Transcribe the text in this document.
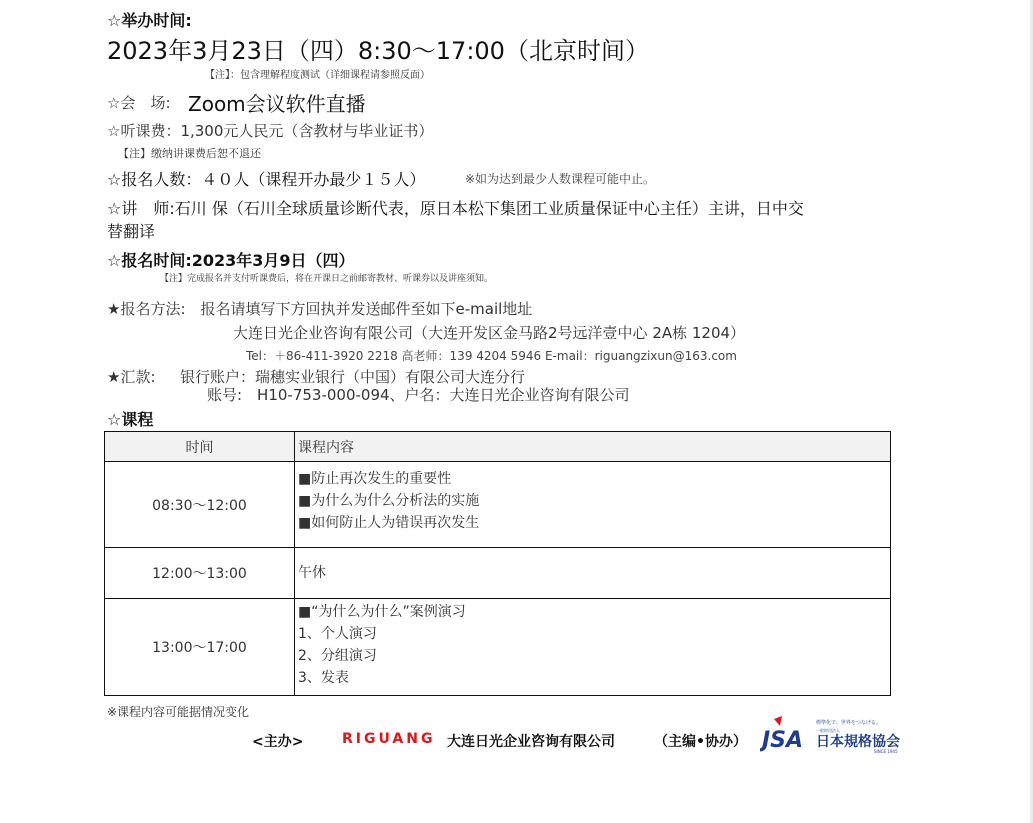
☆举办时间:
2023年3月23日（四）8:30～17:00（北京时间）
【注】：包含理解程度测试（详细课程请参照反面）
☆会　场: Zoom会议软件直播
☆听课费：1,300元人民元（含教材与毕业证书）
【注】缴纳讲课费后恕不退还
☆报名人数：４０人（课程开办最少１５人）	※如为达到最少人数课程可能中止。
☆讲　师:石川 保（石川全球质量诊断代表，原日本松下集团工业质量保证中心主任）主讲，日中交
替翻译
☆报名时间:2023年3月9日（四）
【注】完成报名并支付听课费后，将在开课日之前邮寄教材、听课券以及讲座须知。
★报名方法:　报名请填写下方回执并发送邮件至如下e-mail地址
大连日光企业咨询有限公司（大连开发区金马路2号远洋壹中心 2A栋 1204）
Tel：＋86-411-3920 2218 高老师：139 4204 5946 E-mail：riguangzixun@163.com
★汇款: 银行账户：瑞穗实业银行（中国）有限公司大连分行
账号:　H10-753-000-094、户名：大连日光企业咨询有限公司
☆课程
时间	课程内容
08:30～12:00	■防止再次发生的重要性
■为什么为什么分析法的实施
■如何防止人为错误再次发生

12:00～13:00	午休

13:00～17:00	■“为什么为什么”案例演习
1、个人演习
2、分组演习
3、发表
※课程内容可能据情况变化
<主办>	RIGUANG 大连日光企业咨询有限公司	（主编•协办） JSA
標準化で、世界をつなげる。
一般財団法人
日本規格協会
SINCE 1945
